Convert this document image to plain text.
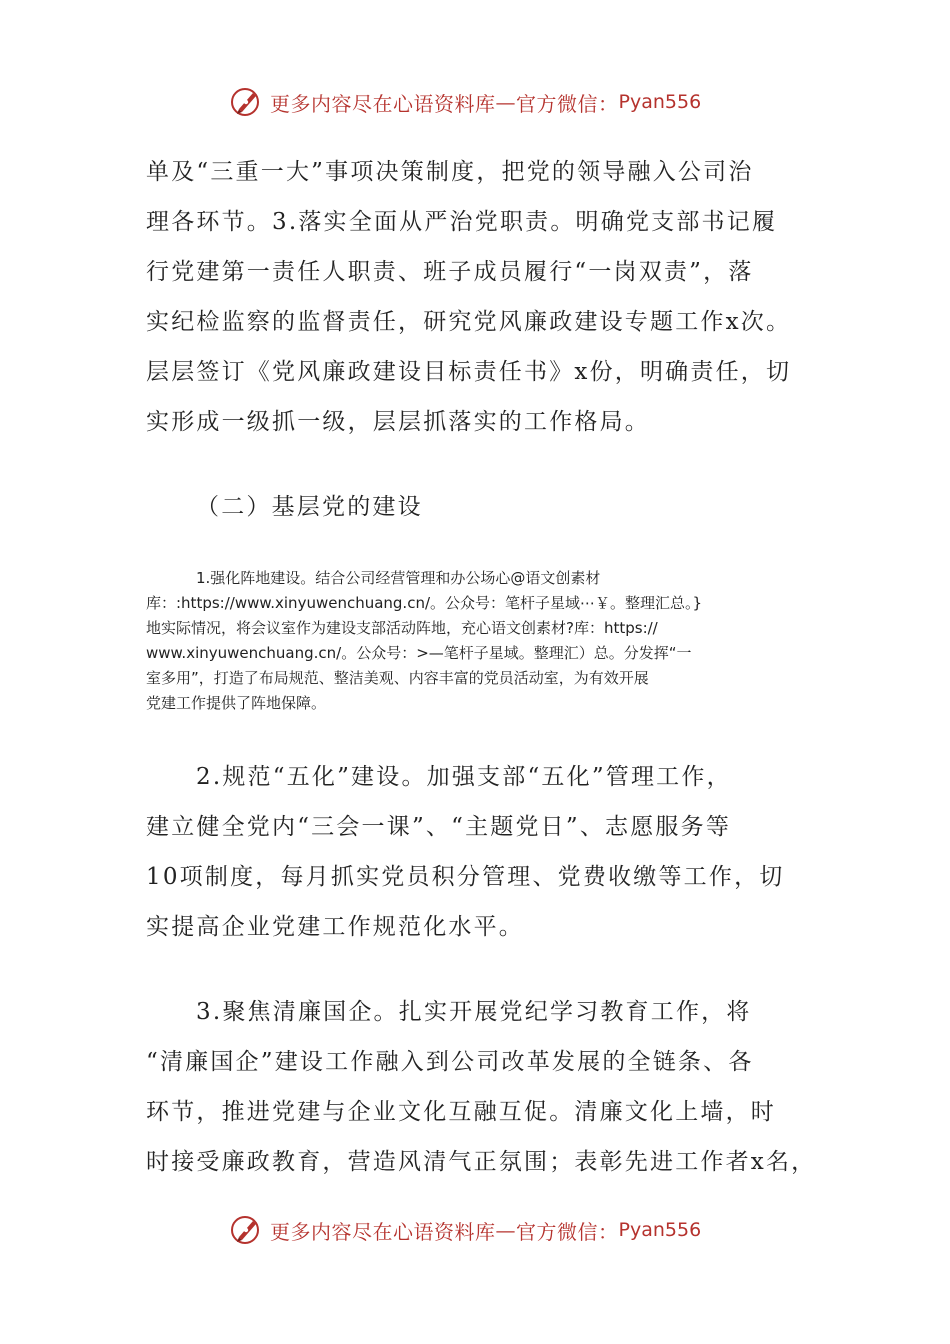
更多内容尽在心语资料库 — 官方微信： Pyan556
单及“三重一大”事项决策制度，把党的领导融入公司治
理各环节。3.落实全面从严治党职责。明确党支部书记履
行党建第一责任人职责、班子成员履行“一岗双责”，落
实纪检监察的监督责任，研究党风廉政建设专题工作x次。
层层签订《党风廉政建设目标责任书》x份，明确责任，切
实形成一级抓一级，层层抓落实的工作格局。
（二）基层党的建设
1.强化阵地建设。结合公司经营管理和办公场心@语文创素材
库：:https://www.xinyuwenchuang.cn/。公众号：笔杆子星域⋯￥。整理汇总。}
地实际情况，将会议室作为建设支部活动阵地，充心语文创素材?库：https://
www.xinyuwenchuang.cn/。公众号：>—笔杆子星域。整理汇）总。分发挥“一
室多用”，打造了布局规范、整洁美观、内容丰富的党员活动室，为有效开展
党建工作提供了阵地保障。
2.规范“五化”建设。加强支部“五化”管理工作，
建立健全党内“三会一课”、“主题党日”、志愿服务等
10项制度，每月抓实党员积分管理、党费收缴等工作，切
实提高企业党建工作规范化水平。
3.聚焦清廉国企。扎实开展党纪学习教育工作，将
“清廉国企”建设工作融入到公司改革发展的全链条、各
环节，推进党建与企业文化互融互促。清廉文化上墙，时
时接受廉政教育，营造风清气正氛围；表彰先进工作者x名，
更多内容尽在心语资料库 — 官方微信： Pyan556
